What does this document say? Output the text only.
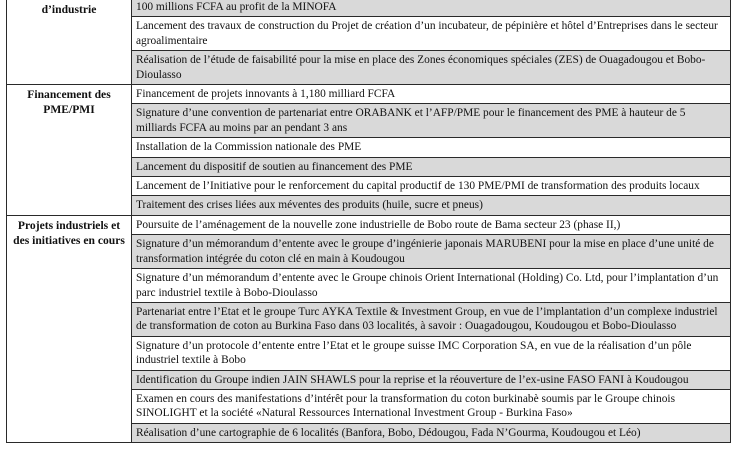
d’industrie	100 millions FCFA au profit de la MINOFA
	Lancement des travaux de construction du Projet de création d’un incubateur, de pépinière et hôtel d’Entreprises dans le secteur agroalimentaire
	Réalisation de l’étude de faisabilité pour la mise en place des Zones économiques spéciales (ZES) de Ouagadougou et Bobo-Dioulasso
Financement des PME/PMI	Financement de projets innovants à 1,180 milliard FCFA
	Signature d’une convention de partenariat entre ORABANK et l’AFP/PME pour le financement des PME à hauteur de 5 milliards FCFA au moins par an pendant 3 ans
	Installation de la Commission nationale des PME
	Lancement du dispositif de soutien au financement des PME
	Lancement de l’Initiative pour le renforcement du capital productif de 130 PME/PMI de transformation des produits locaux
	Traitement des crises liées aux méventes des produits (huile, sucre et pneus)
Projets industriels et des initiatives en cours	Poursuite de l’aménagement de la nouvelle zone industrielle de Bobo route de Bama secteur 23 (phase II,)
	Signature d’un mémorandum d’entente avec le groupe d’ingénierie japonais MARUBENI pour la mise en place d’une unité de transformation intégrée du coton clé en main à Koudougou
	Signature d’un mémorandum d’entente avec le Groupe chinois Orient International (Holding) Co. Ltd, pour l’implantation d’un parc industriel textile à Bobo-Dioulasso
	Partenariat entre l’Etat et le groupe Turc AYKA Textile & Investment Group, en vue de l’implantation d’un complexe industriel de transformation de coton au Burkina Faso dans 03 localités, à savoir : Ouagadougou, Koudougou et Bobo-Dioulasso
	Signature d’un protocole d’entente entre l’Etat et le groupe suisse IMC Corporation SA, en vue de la réalisation d’un pôle industriel textile à Bobo
	Identification du Groupe indien JAIN SHAWLS pour la reprise et la réouverture de l’ex-usine FASO FANI à Koudougou
	Examen en cours des manifestations d’intérêt pour la transformation du coton burkinabè soumis par le Groupe chinois SINOLIGHT et la société «Natural Ressources International Investment Group - Burkina Faso»
	Réalisation d’une cartographie de 6 localités (Banfora, Bobo, Dédougou, Fada N’Gourma, Koudougou et Léo)
